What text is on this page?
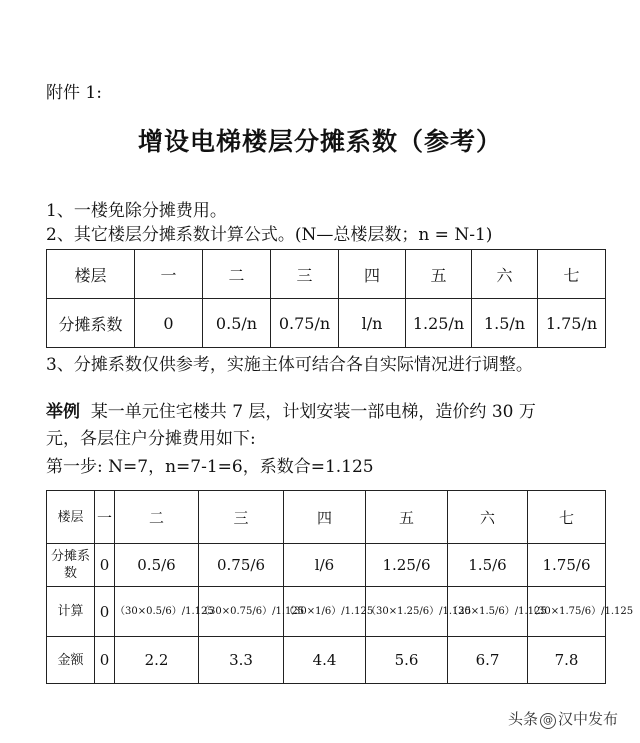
附件 1:
增设电梯楼层分摊系数（参考）
1、一楼免除分摊费用。
2、其它楼层分摊系数计算公式。(N—总楼层数；n = N-1)
楼层	一	二	三	四	五	六	七
分摊系数	0	0.5/n	0.75/n	l/n	1.25/n	1.5/n	1.75/n
3、分摊系数仅供参考，实施主体可结合各自实际情况进行调整。
举例 某一单元住宅楼共 7 层，计划安装一部电梯，造价约 30 万
元，各层住户分摊费用如下:
第一步: N=7，n=7-1=6，系数合=1.125
楼层	一	二	三	四	五	六	七
分摊系数	0	0.5/6	0.75/6	l/6	1.25/6	1.5/6	1.75/6
计算	0	（30×0.5/6）/1.125	（30×0.75/6）/1.125	（30×1/6）/1.125	（30×1.25/6）/1.125	（30×1.5/6）/1.125	（30×1.75/6）/1.125
金额	0	2.2	3.3	4.4	5.6	6.7	7.8
头条 @ 汉中发布
